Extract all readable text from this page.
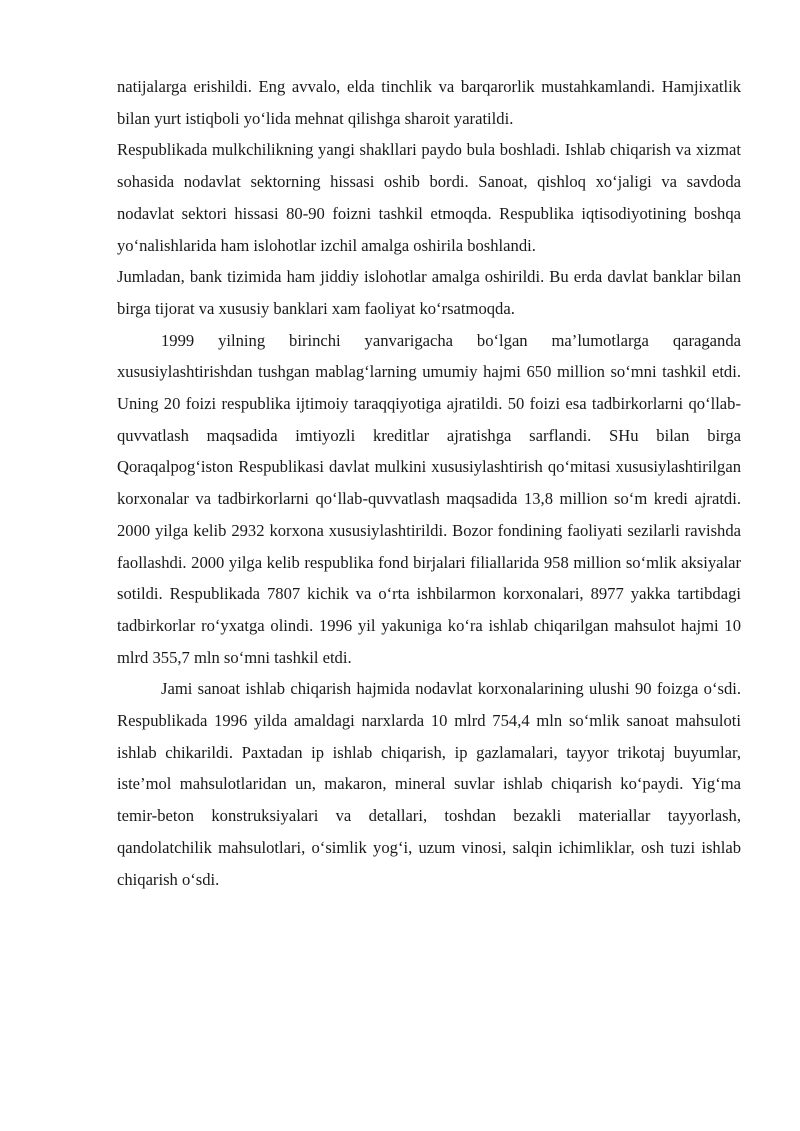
natijalarga erishildi. Eng avvalo, elda tinchlik va barqarorlik mustahkamlandi. Hamjixatlik bilan yurt istiqboli yo‘lida mehnat qilishga sharoit yaratildi.

Respublikada mulkchilikning yangi shakllari paydo bula boshladi. Ishlab chiqarish va xizmat sohasida nodavlat sektorning hissasi oshib bordi. Sanoat, qishloq xo‘jaligi va savdoda nodavlat sektori hissasi 80-90 foizni tashkil etmoqda. Respublika iqtisodiyotining boshqa yo‘nalishlarida ham islohotlar izchil amalga oshirila boshlandi.

Jumladan, bank tizimida ham jiddiy islohotlar amalga oshirildi. Bu erda davlat banklar bilan birga tijorat va xususiy banklari xam faoliyat ko‘rsatmoqda.

1999 yilning birinchi yanvarigacha bo‘lgan ma’lumotlarga qaraganda xususiylashtirishdan tushgan mablag‘larning umumiy hajmi 650 million so‘mni tashkil etdi. Uning 20 foizi respublika ijtimoiy taraqqiyotiga ajratildi. 50 foizi esa tadbirkorlarni qo‘llab-quvvatlash maqsadida imtiyozli kreditlar ajratishga sarflandi. SHu bilan birga Qoraqalpog‘iston Respublikasi davlat mulkini xususiylashtirish qo‘mitasi xususiylashtirilgan korxonalar va tadbirkorlarni qo‘llab-quvvatlash maqsadida 13,8 million so‘m kredi ajratdi. 2000 yilga kelib 2932 korxona xususiylashtirildi. Bozor fondining faoliyati sezilarli ravishda faollashdi. 2000 yilga kelib respublika fond birjalari filiallarida 958 million so‘mlik aksiyalar sotildi. Respublikada 7807 kichik va o‘rta ishbilarmon korxonalari, 8977 yakka tartibdagi tadbirkorlar ro‘yxatga olindi. 1996 yil yakuniga ko‘ra ishlab chiqarilgan mahsulot hajmi 10 mlrd 355,7 mln so‘mni tashkil etdi.

Jami sanoat ishlab chiqarish hajmida nodavlat korxonalarining ulushi 90 foizga o‘sdi. Respublikada 1996 yilda amaldagi narxlarda 10 mlrd 754,4 mln so‘mlik sanoat mahsuloti ishlab chikarildi. Paxtadan ip ishlab chiqarish, ip gazlamalari, tayyor trikotaj buyumlar, iste’mol mahsulotlaridan un, makaron, mineral suvlar ishlab chiqarish ko‘paydi. Yig‘ma temir-beton konstruksiyalari va detallari, toshdan bezakli materiallar tayyorlash, qandolatchilik mahsulotlari, o‘simlik yog‘i, uzum vinosi, salqin ichimliklar, osh tuzi ishlab chiqarish o‘sdi.
